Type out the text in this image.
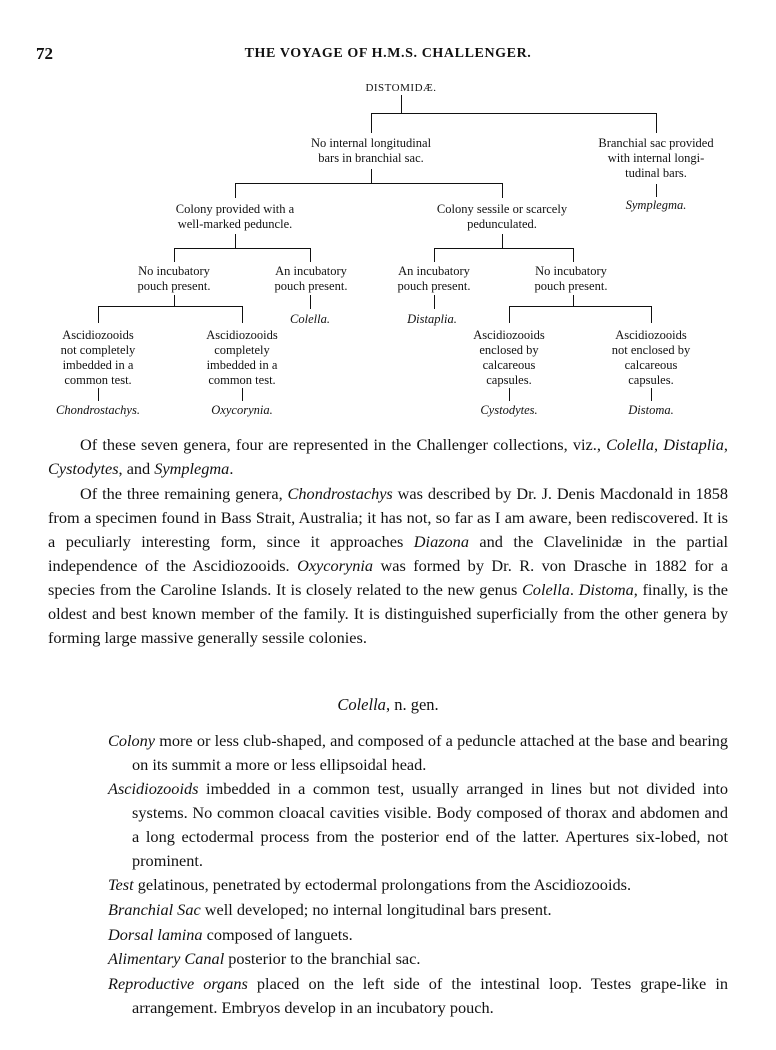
72	THE VOYAGE OF H.M.S. CHALLENGER.
DISTOMIDÆ.
No internal longitudinal
bars in branchial sac.
Branchial sac provided
with internal longi-
tudinal bars.
Symplegma.
Colony provided with a
well-marked peduncle.
Colony sessile or scarcely
pedunculated.
No incubatory
pouch present.
An incubatory
pouch present.
An incubatory
pouch present.
No incubatory
pouch present.
Colella.	Distaplia.
Ascidiozooids
not completely
imbedded in a
common test.
Ascidiozooids
completely
imbedded in a
common test.
Ascidiozooids
enclosed by
calcareous
capsules.
Ascidiozooids
not enclosed by
calcareous
capsules.
Chondrostachys.	Oxycorynia.	Cystodytes.	Distoma.

Of these seven genera, four are represented in the Challenger collections, viz., Colella, Distaplia, Cystodytes, and Symplegma.

Of the three remaining genera, Chondrostachys was described by Dr. J. Denis Macdonald in 1858 from a specimen found in Bass Strait, Australia; it has not, so far as I am aware, been rediscovered. It is a peculiarly interesting form, since it approaches Diazona and the Clavelinidæ in the partial independence of the Ascidiozooids. Oxycorynia was formed by Dr. R. von Drasche in 1882 for a species from the Caroline Islands. It is closely related to the new genus Colella. Distoma, finally, is the oldest and best known member of the family. It is distinguished superficially from the other genera by forming large massive generally sessile colonies.

Colella, n. gen.

Colony more or less club-shaped, and composed of a peduncle attached at the base and bearing on its summit a more or less ellipsoidal head.

Ascidiozooids imbedded in a common test, usually arranged in lines but not divided into systems. No common cloacal cavities visible. Body composed of thorax and abdomen and a long ectodermal process from the posterior end of the latter. Apertures six-lobed, not prominent.

Test gelatinous, penetrated by ectodermal prolongations from the Ascidiozooids.

Branchial Sac well developed; no internal longitudinal bars present.

Dorsal lamina composed of languets.

Alimentary Canal posterior to the branchial sac.

Reproductive organs placed on the left side of the intestinal loop. Testes grape-like in arrangement. Embryos develop in an incubatory pouch.
